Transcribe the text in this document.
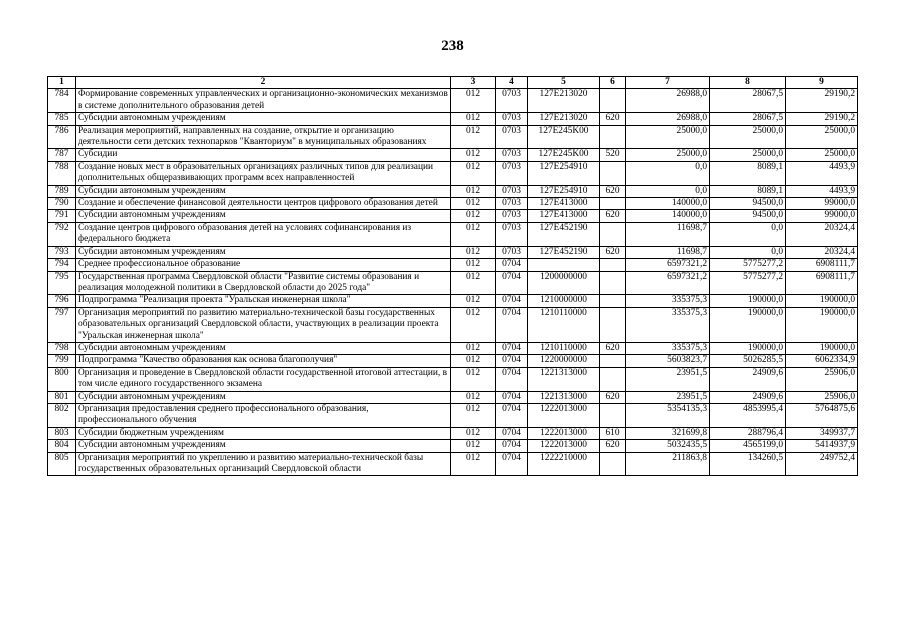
238
1	2	3	4	5	6	7	8	9
784	Формирование современных управленческих и организационно-экономических механизмов в системе дополнительного образования детей	012	0703	127E213020		26988,0	28067,5	29190,2
785	Субсидии автономным учреждениям	012	0703	127E213020	620	26988,0	28067,5	29190,2
786	Реализация мероприятий, направленных на создание, открытие и организацию деятельности сети детских технопарков "Кванториум" в муниципальных образованиях	012	0703	127E245K00		25000,0	25000,0	25000,0
787	Субсидии	012	0703	127E245K00	520	25000,0	25000,0	25000,0
788	Создание новых мест в образовательных организациях различных типов для реализации дополнительных общеразвивающих программ всех направленностей	012	0703	127E254910		0,0	8089,1	4493,9
789	Субсидии автономным учреждениям	012	0703	127E254910	620	0,0	8089,1	4493,9
790	Создание и обеспечение финансовой деятельности центров цифрового образования детей	012	0703	127E413000		140000,0	94500,0	99000,0
791	Субсидии автономным учреждениям	012	0703	127E413000	620	140000,0	94500,0	99000,0
792	Создание центров цифрового образования детей на условиях софинансирования из федерального бюджета	012	0703	127E452190		11698,7	0,0	20324,4
793	Субсидии автономным учреждениям	012	0703	127E452190	620	11698,7	0,0	20324,4
794	Среднее профессиональное образование	012	0704			6597321,2	5775277,2	6908111,7
795	Государственная программа Свердловской области "Развитие системы образования и реализация молодежной политики в Свердловской области до 2025 года"	012	0704	1200000000		6597321,2	5775277,2	6908111,7
796	Подпрограмма "Реализация проекта "Уральская инженерная школа"	012	0704	1210000000		335375,3	190000,0	190000,0
797	Организация мероприятий по развитию материально-технической базы государственных образовательных организаций Свердловской области, участвующих в реализации проекта "Уральская инженерная школа"	012	0704	1210110000		335375,3	190000,0	190000,0
798	Субсидии автономным учреждениям	012	0704	1210110000	620	335375,3	190000,0	190000,0
799	Подпрограмма "Качество образования как основа благополучия"	012	0704	1220000000		5603823,7	5026285,5	6062334,9
800	Организация и проведение в Свердловской области государственной итоговой аттестации, в том числе единого государственного экзамена	012	0704	1221313000		23951,5	24909,6	25906,0
801	Субсидии автономным учреждениям	012	0704	1221313000	620	23951,5	24909,6	25906,0
802	Организация предоставления среднего профессионального образования, профессионального обучения	012	0704	1222013000		5354135,3	4853995,4	5764875,6
803	Субсидии бюджетным учреждениям	012	0704	1222013000	610	321699,8	288796,4	349937,7
804	Субсидии автономным учреждениям	012	0704	1222013000	620	5032435,5	4565199,0	5414937,9
805	Организация мероприятий по укреплению и развитию материально-технической базы государственных образовательных организаций Свердловской области	012	0704	1222210000		211863,8	134260,5	249752,4
